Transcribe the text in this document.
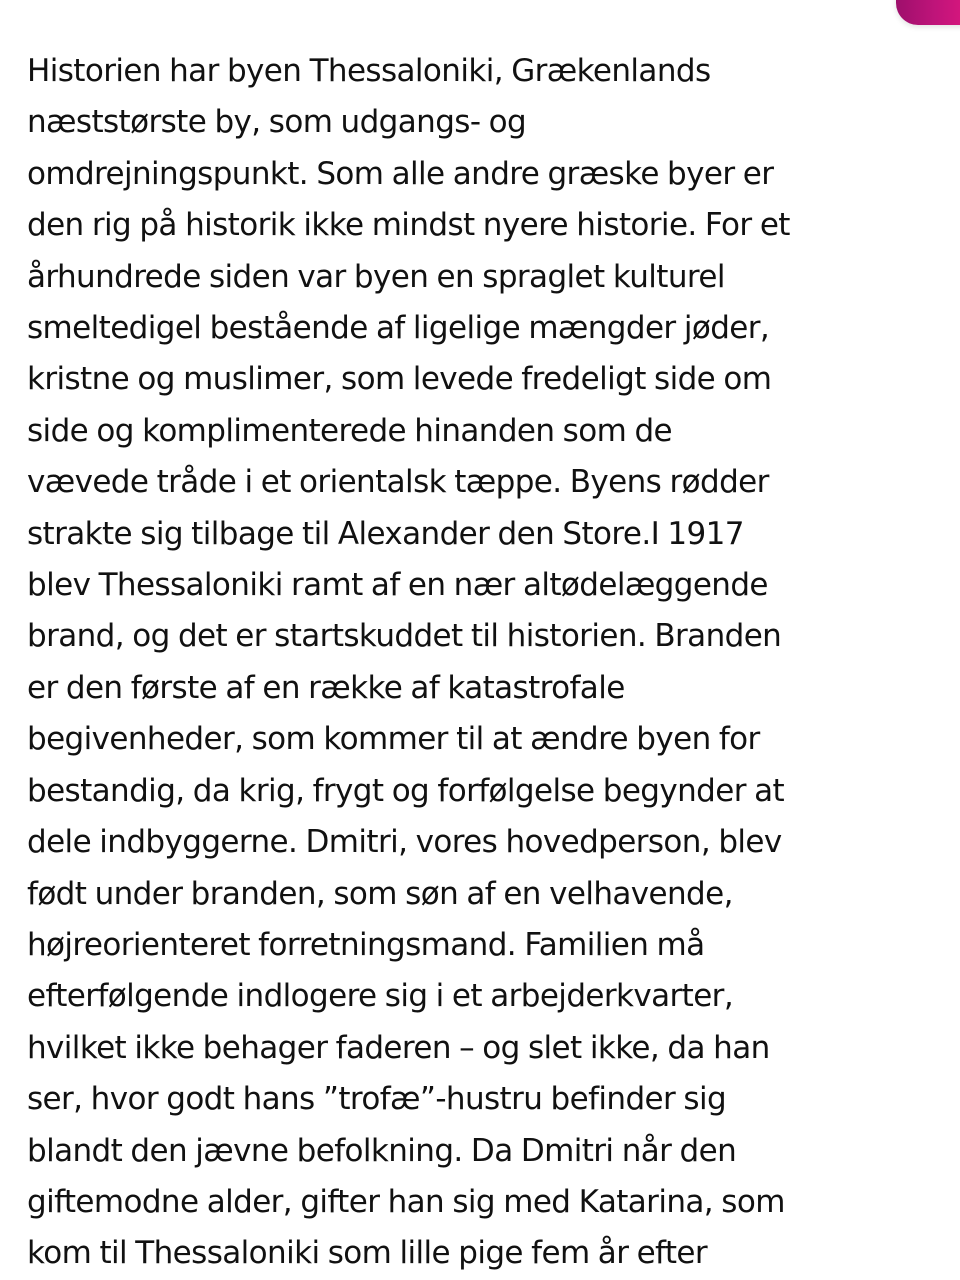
Historien har byen Thessaloniki, Grækenlands
næststørste by, som udgangs- og
omdrejningspunkt. Som alle andre græske byer er
den rig på historik ikke mindst nyere historie. For et
århundrede siden var byen en spraglet kulturel
smeltedigel bestående af ligelige mængder jøder,
kristne og muslimer, som levede fredeligt side om
side og komplimenterede hinanden som de
vævede tråde i et orientalsk tæppe. Byens rødder
strakte sig tilbage til Alexander den Store.I 1917
blev Thessaloniki ramt af en nær altødelæggende
brand, og det er startskuddet til historien. Branden
er den første af en række af katastrofale
begivenheder, som kommer til at ændre byen for
bestandig, da krig, frygt og forfølgelse begynder at
dele indbyggerne. Dmitri, vores hovedperson, blev
født under branden, som søn af en velhavende,
højreorienteret forretningsmand. Familien må
efterfølgende indlogere sig i et arbejderkvarter,
hvilket ikke behager faderen – og slet ikke, da han
ser, hvor godt hans ”trofæ”-hustru befinder sig
blandt den jævne befolkning. Da Dmitri når den
giftemodne alder, gifter han sig med Katarina, som
kom til Thessaloniki som lille pige fem år efter
